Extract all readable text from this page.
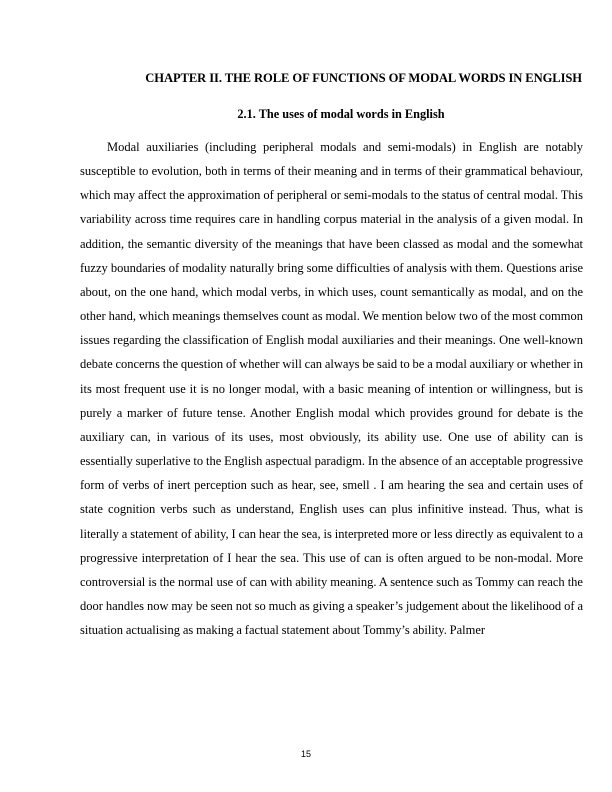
CHAPTER II. THE ROLE OF FUNCTIONS OF MODAL WORDS IN ENGLISH
2.1. The uses of modal words in English

Modal auxiliaries (including peripheral modals and semi-modals) in English are notably susceptible to evolution, both in terms of their meaning and in terms of their grammatical behaviour, which may affect the approximation of peripheral or semi-modals to the status of central modal. This variability across time requires care in handling corpus material in the analysis of a given modal. In addition, the semantic diversity of the meanings that have been classed as modal and the somewhat fuzzy boundaries of modality naturally bring some difficulties of analysis with them. Questions arise about, on the one hand, which modal verbs, in which uses, count semantically as modal, and on the other hand, which meanings themselves count as modal. We mention below two of the most common issues regarding the classification of English modal auxiliaries and their meanings. One well-known debate concerns the question of whether will can always be said to be a modal auxiliary or whether in its most frequent use it is no longer modal, with a basic meaning of intention or willingness, but is purely a marker of future tense. Another English modal which provides ground for debate is the auxiliary can, in various of its uses, most obviously, its ability use. One use of ability can is essentially superlative to the English aspectual paradigm. In the absence of an acceptable progressive form of verbs of inert perception such as hear, see, smell . I am hearing the sea and certain uses of state cognition verbs such as understand, English uses can plus infinitive instead. Thus, what is literally a statement of ability, I can hear the sea, is interpreted more or less directly as equivalent to a progressive interpretation of I hear the sea. This use of can is often argued to be non-modal. More controversial is the normal use of can with ability meaning. A sentence such as Tommy can reach the door handles now may be seen not so much as giving a speaker’s judgement about the likelihood of a situation actualising as making a factual statement about Tommy’s ability. Palmer

15
